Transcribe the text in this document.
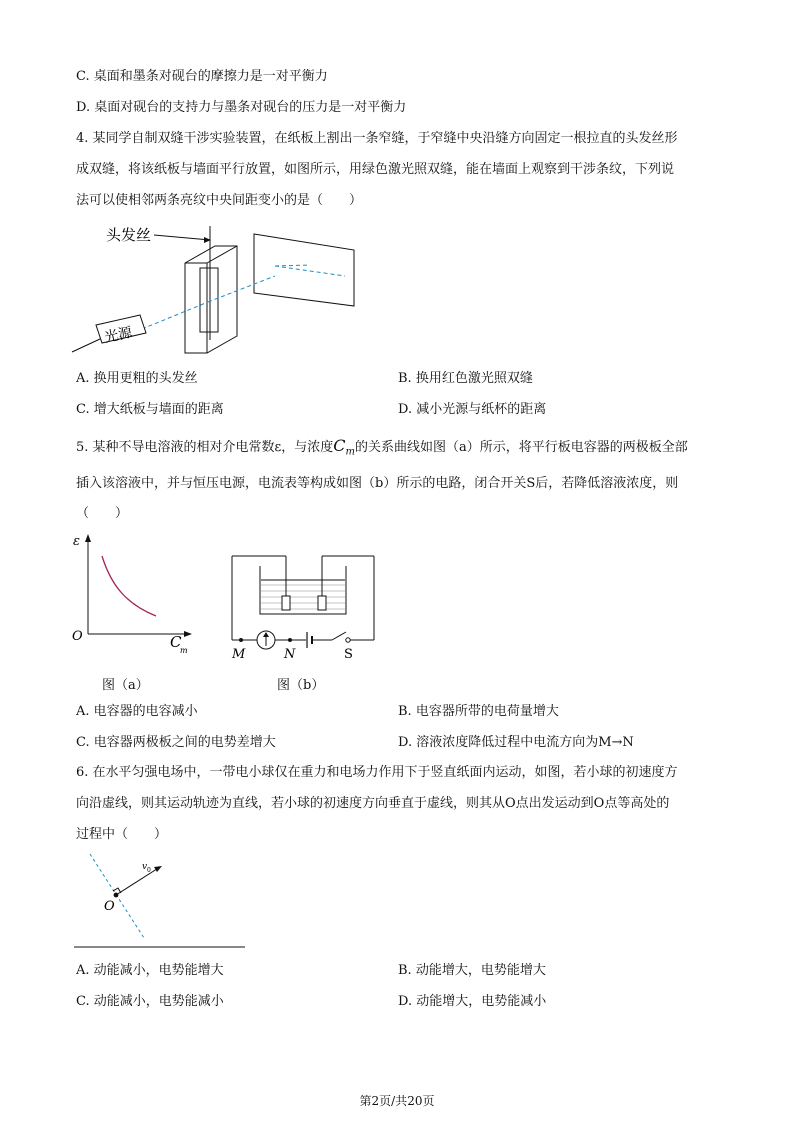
C. 桌面和墨条对砚台的摩擦力是一对平衡力
D. 桌面对砚台的支持力与墨条对砚台的压力是一对平衡力
4. 某同学自制双缝干涉实验装置，在纸板上割出一条窄缝，于窄缝中央沿缝方向固定一根拉直的头发丝形
成双缝，将该纸板与墙面平行放置，如图所示，用绿色激光照双缝，能在墙面上观察到干涉条纹，下列说
法可以使相邻两条亮纹中央间距变小的是（　　）
头发丝
光源
A. 换用更粗的头发丝	B. 换用红色激光照双缝
C. 增大纸板与墙面的距离	D. 减小光源与纸杯的距离
5. 某种不导电溶液的相对介电常数ε，与浓度$C_m$的关系曲线如图（a）所示，将平行板电容器的两极板全部
插入该溶液中，并与恒压电源，电流表等构成如图（b）所示的电路，闭合开关S后，若降低溶液浓度，则
（　　）
ε
O	C
m
图（a）
M	N	S
图（b）
A. 电容器的电容减小	B. 电容器所带的电荷量增大
C. 电容器两极板之间的电势差增大	D. 溶液浓度降低过程中电流方向为M→N
6. 在水平匀强电场中，一带电小球仅在重力和电场力作用下于竖直纸面内运动，如图，若小球的初速度方
向沿虚线，则其运动轨迹为直线，若小球的初速度方向垂直于虚线，则其从O点出发运动到O点等高处的
过程中（　　）
O
v 0
A. 动能减小，电势能增大	B. 动能增大，电势能增大
C. 动能减小，电势能减小	D. 动能增大，电势能减小
第2页/共20页
